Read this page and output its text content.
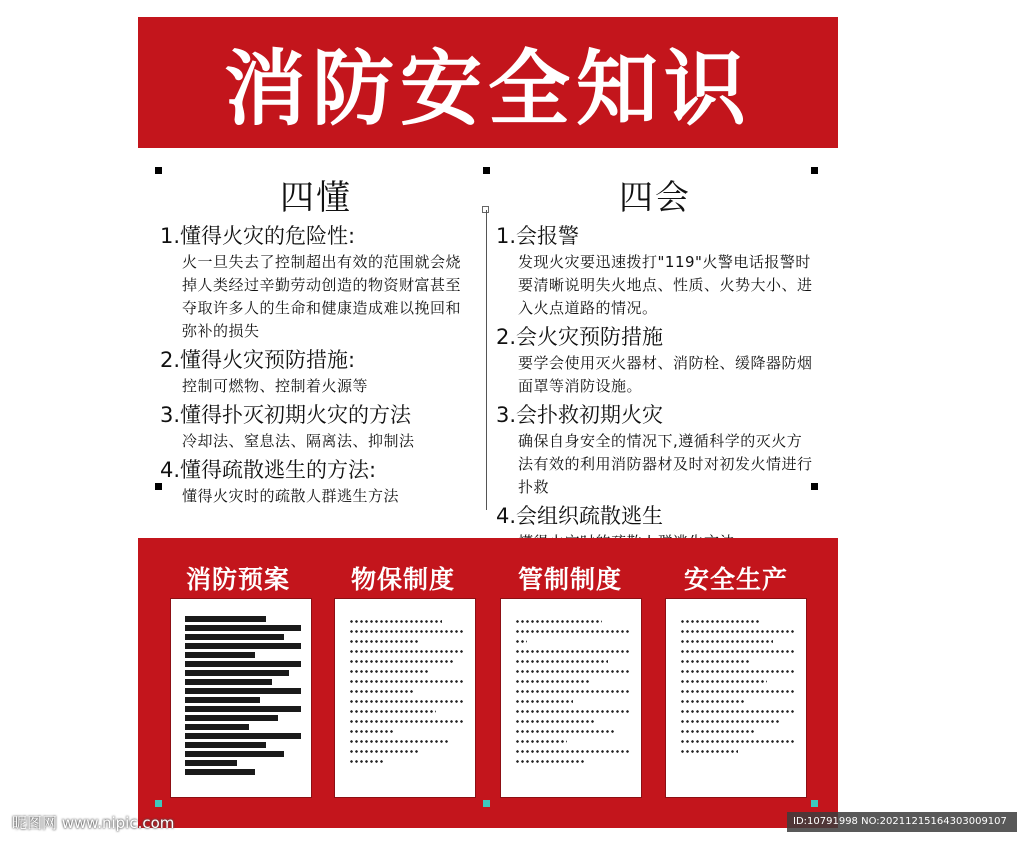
消防安全知识
四懂
1.懂得火灾的危险性:
火一旦失去了控制超出有效的范围就会烧掉人类经过辛勤劳动创造的物资财富甚至夺取许多人的生命和健康造成难以挽回和弥补的损失
2.懂得火灾预防措施:
控制可燃物、控制着火源等
3.懂得扑灭初期火灾的方法
冷却法、窒息法、隔离法、抑制法
4.懂得疏散逃生的方法:
懂得火灾时的疏散人群逃生方法
四会
1.会报警
发现火灾要迅速拨打"119"火警电话报警时要清晰说明失火地点、性质、火势大小、进入火点道路的情况。
2.会火灾预防措施
要学会使用灭火器材、消防栓、缓降器防烟面罩等消防设施。
3.会扑救初期火灾
确保自身安全的情况下,遵循科学的灭火方法有效的利用消防器材及时对初发火情进行扑救
4.会组织疏散逃生
消防预案	物保制度	管制制度	安全生产
昵图网 www.nipic.com	ID:10791998 NO:20211215164303009107
